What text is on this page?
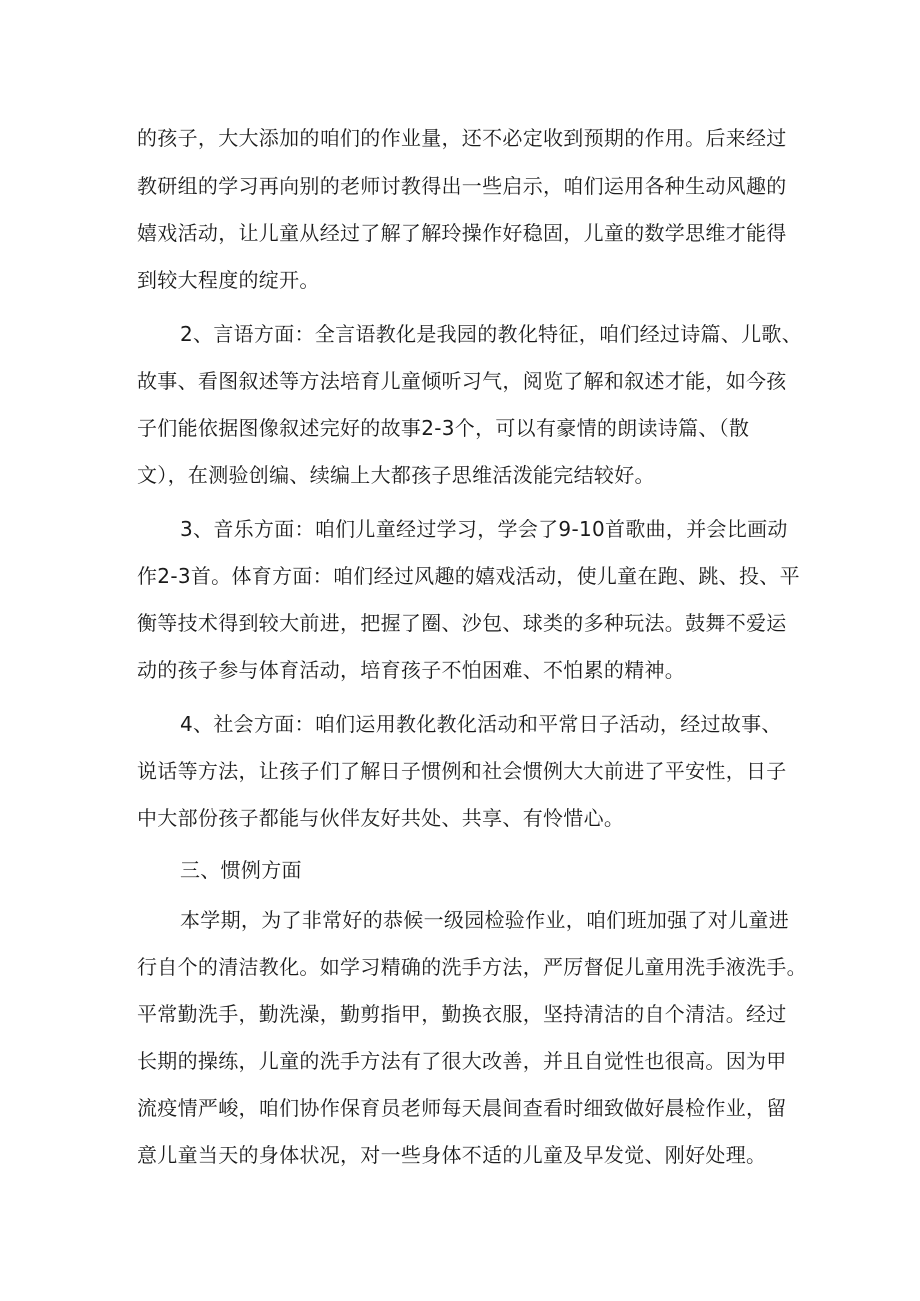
的孩子，大大添加的咱们的作业量，还不必定收到预期的作用。后来经过
教研组的学习再向别的老师讨教得出一些启示，咱们运用各种生动风趣的
嬉戏活动，让儿童从经过了解了解玲操作好稳固，儿童的数学思维才能得
到较大程度的绽开。
2、言语方面：全言语教化是我园的教化特征，咱们经过诗篇、儿歌、
故事、看图叙述等方法培育儿童倾听习气，阅览了解和叙述才能，如今孩
子们能依据图像叙述完好的故事2-3个，可以有豪情的朗读诗篇、（散
文），在测验创编、续编上大都孩子思维活泼能完结较好。
3、音乐方面：咱们儿童经过学习，学会了9-10首歌曲，并会比画动
作2-3首。体育方面：咱们经过风趣的嬉戏活动，使儿童在跑、跳、投、平
衡等技术得到较大前进，把握了圈、沙包、球类的多种玩法。鼓舞不爱运
动的孩子参与体育活动，培育孩子不怕困难、不怕累的精神。
4、社会方面：咱们运用教化教化活动和平常日子活动，经过故事、
说话等方法，让孩子们了解日子惯例和社会惯例大大前进了平安性，日子
中大部份孩子都能与伙伴友好共处、共享、有怜惜心。
三、惯例方面
本学期，为了非常好的恭候一级园检验作业，咱们班加强了对儿童进
行自个的清洁教化。如学习精确的洗手方法，严厉督促儿童用洗手液洗手。
平常勤洗手，勤洗澡，勤剪指甲，勤换衣服，坚持清洁的自个清洁。经过
长期的操练，儿童的洗手方法有了很大改善，并且自觉性也很高。因为甲
流疫情严峻，咱们协作保育员老师每天晨间查看时细致做好晨检作业，留
意儿童当天的身体状况，对一些身体不适的儿童及早发觉、刚好处理。
